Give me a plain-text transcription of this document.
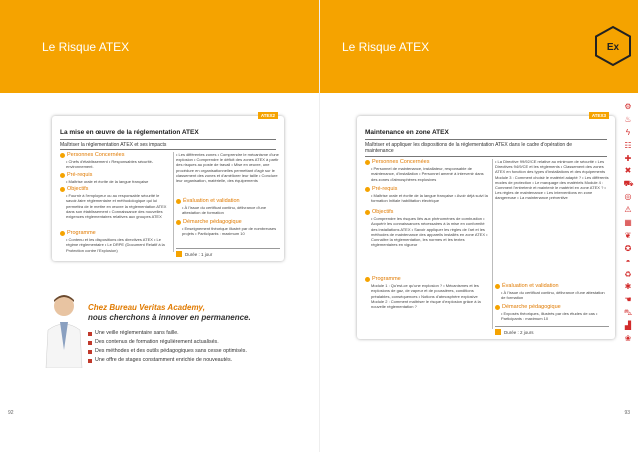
Le Risque ATEX
ATEX2
La mise en œuvre de la réglementation ATEX
Maîtriser la réglementation ATEX et ses impacts
Personnes Concernées

• Chefs d'établissement • Responsables sécurité-environnement.

Pré-requis

• Maîtrise orale et écrite de la langue française

Objectifs

• Fournir à l'employeur ou au responsable sécurité le savoir-faire réglementaire et méthodologique qui lui permettra de le mettre en œuvre la réglementation ATEX dans son établissement • Connaissance des nouvelles exigences réglementaires relatives aux groupes ATEX

Programme

• Contenu et les dispositions des directives ATEX • Le régime réglementaire • Le DRPE (Document Relatif à la Protection contre l'Explosion)

• Les différentes zones • Comprendre le mécanisme d'une explosion • Comprendre le déficit des zones ATEX à partir des risques au poste de travail • Mise en œuvre, une procédure en organisationnelles permettant d'agir sur le classement des zones et d'améliorer leur taille • Conclure leur organisation, matérielle, des équipements

Évaluation et validation

• À l'issue du certificat continu, délivrance d'une attestation de formation

Démarche pédagogique

• Enseignement théorique illustré par de nombreuses projets • Participants : maximum 10

Durée : 1 jour
Chez Bureau Veritas Academy,
nous cherchons à innover en permanence.
Une veille réglementaire sans faille.
Des contenus de formation régulièrement actualisés.
Des méthodes et des outils pédagogiques sans cesse optimisés.
Une offre de stages constamment enrichie de nouveautés.
92
Le Risque ATEX	Ex
ATEX3
Maintenance en zone ATEX
Maîtriser et appliquer les dispositions de la réglementation ATEX dans le cadre d'opération de maintenance
Personnes Concernées

• Personnel de maintenance, installateur, responsable de maintenance, d'installation • Personnel amené à intervenir dans des zones d'atmosphères explosives

Pré-requis

• Maîtrise orale et écrite de la langue française • Avoir déjà suivi la formation Initiale habilitation électrique

Objectifs

• Comprendre les risques liés aux phénomènes de combustion • Acquérir les connaissances nécessaires à la mise en conformité des installations ATEX • Savoir appliquer les règles de l'art et les méthodes de maintenance des appareils installés en zone ATEX • Connaître la réglementation, les normes et les textes réglementaires en vigueur

Programme

Module 1 : Qu'est-ce qu'une explosion ? • Mécanismes et les explosions de gaz, de vapeur et de poussières, conditions préalables, conséquences • Notions d'atmosphère explosive Module 2 : Comment maîtriser le risque d'explosion grâce à la nouvelle réglementation ?

• La Directive 99/92/CE relative au minimum de sécurité • Les Directives 94/9/CE et les règlements • Classement des zones ATEX en fonction des types d'installations et des équipements Module 3 : Comment choisir le matériel adapté ? • Les différents modes de protection • Le marquage des matériels Module 4 : Comment l'entretenir et maintenir le matériel en zone ATEX ? • Les règles de maintenance • Les interventions en zone dangereuse • La maintenance préventive

Évaluation et validation

• À l'issue du certificat continu, délivrance d'une attestation de formation

Démarche pédagogique

• Exposés théoriques, illustrés par des études de cas • Participants : maximum 10

Durée : 2 jours
⚙
♨
ϟ
☷
✚
✖
⛟
◎
⚠
▦
❦
✪
◓
♻
✱
☚
⛍
▟
❀
93
